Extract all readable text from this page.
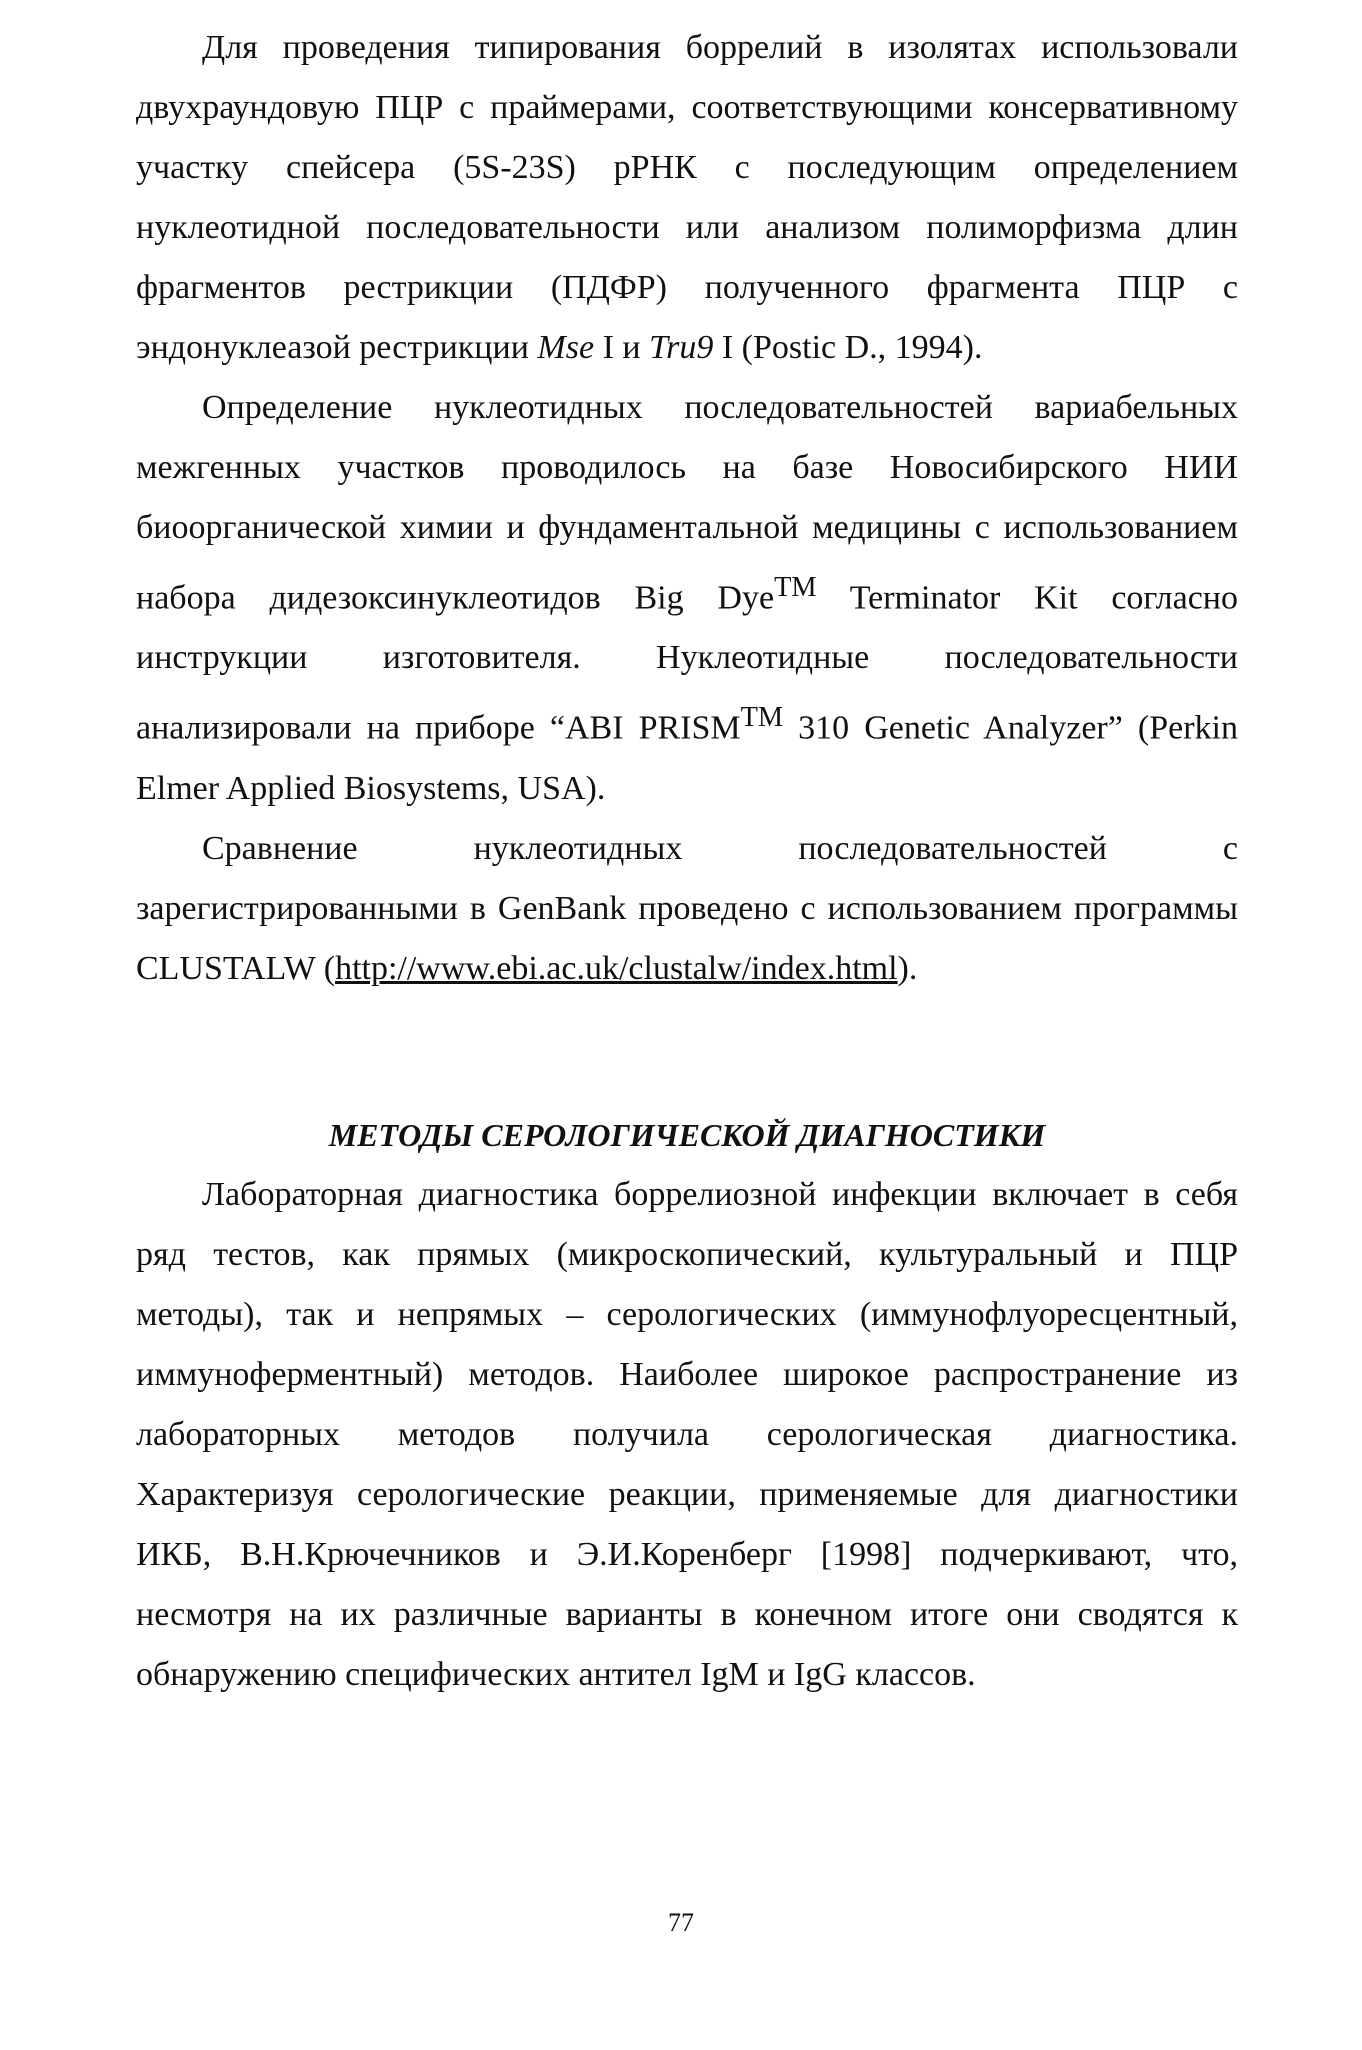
Для проведения типирования боррелий в изолятах использовали двухраундовую ПЦР с праймерами, соответствующими консервативному участку спейсера (5S-23S) рРНК с последующим определением нуклеотидной последовательности или анализом полиморфизма длин фрагментов рестрикции (ПДФР) полученного фрагмента ПЦР с эндонуклеазой рестрикции Mse I и Tru9 I (Postic D., 1994).

Определение нуклеотидных последовательностей вариабельных межгенных участков проводилось на базе Новосибирского НИИ биоорганической химии и фундаментальной медицины с использованием набора дидезоксинуклеотидов Big Dye™ Terminator Kit согласно инструкции изготовителя. Нуклеотидные последовательности анализировали на приборе “ABI PRISM™ 310 Genetic Analyzer” (Perkin Elmer Applied Biosystems, USA).

Сравнение нуклеотидных последовательностей с зарегистрированными в GenBank проведено с использованием программы CLUSTALW (http://www.ebi.ac.uk/clustalw/index.html).

МЕТОДЫ СЕРОЛОГИЧЕСКОЙ ДИАГНОСТИКИ

Лабораторная диагностика боррелиозной инфекции включает в себя ряд тестов, как прямых (микроскопический, культуральный и ПЦР методы), так и непрямых – серологических (иммунофлуоресцентный, иммуноферментный) методов. Наиболее широкое распространение из лабораторных методов получила серологическая диагностика. Характеризуя серологические реакции, применяемые для диагностики ИКБ, В.Н.Крючечников и Э.И.Коренберг [1998] подчеркивают, что, несмотря на их различные варианты в конечном итоге они сводятся к обнаружению специфических антител IgM и IgG классов.

77
